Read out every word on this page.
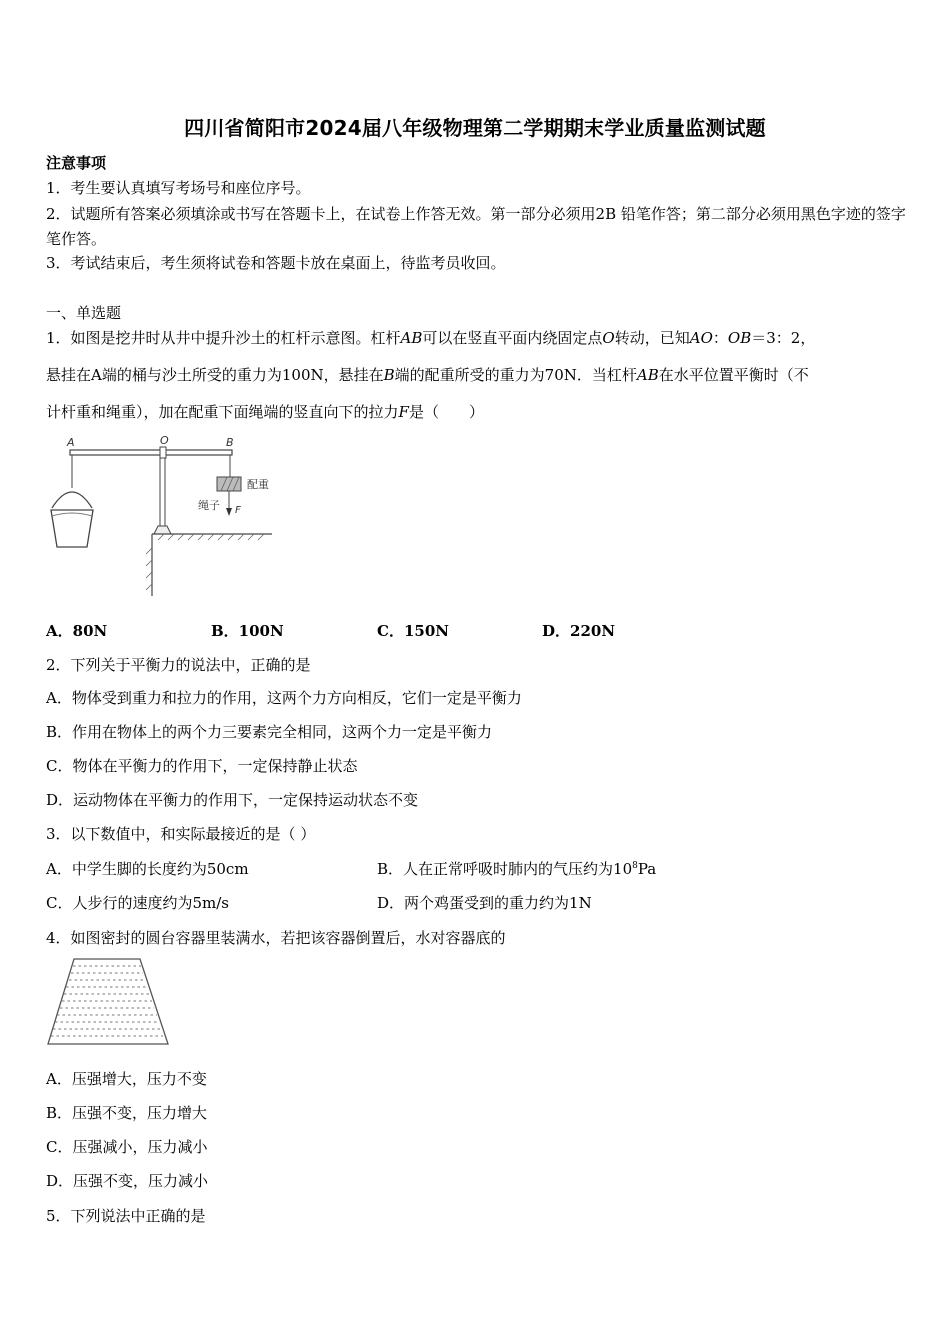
四川省简阳市2024届八年级物理第二学期期末学业质量监测试题
注意事项
1．考生要认真填写考场号和座位序号。
2．试题所有答案必须填涂或书写在答题卡上，在试卷上作答无效。第一部分必须用2B 铅笔作答；第二部分必须用黑色字迹的签字笔作答。
3．考试结束后，考生须将试卷和答题卡放在桌面上，待监考员收回。
一、单选题
1．如图是挖井时从井中提升沙土的杠杆示意图。杠杆AB可以在竖直平面内绕固定点O转动，已知AO：OB＝3：2，
悬挂在A端的桶与沙土所受的重力为100N，悬挂在B端的配重所受的重力为70N．当杠杆AB在水平位置平衡时（不
计杆重和绳重），加在配重下面绳端的竖直向下的拉力F是（　　）
A	O	B
配重
绳子 F
A．80N	B．100N	C．150N	D．220N
2．下列关于平衡力的说法中，正确的是
A．物体受到重力和拉力的作用，这两个力方向相反，它们一定是平衡力
B．作用在物体上的两个力三要素完全相同，这两个力一定是平衡力
C．物体在平衡力的作用下，一定保持静止状态
D．运动物体在平衡力的作用下，一定保持运动状态不变
3．以下数值中，和实际最接近的是（ ）
A．中学生脚的长度约为50cm	B．人在正常呼吸时肺内的气压约为$10^8Pa$
C．人步行的速度约为5m/s	D．两个鸡蛋受到的重力约为1N
4．如图密封的圆台容器里装满水，若把该容器倒置后，水对容器底的
A．压强增大，压力不变
B．压强不变，压力增大
C．压强减小，压力减小
D．压强不变，压力减小
5．下列说法中正确的是
